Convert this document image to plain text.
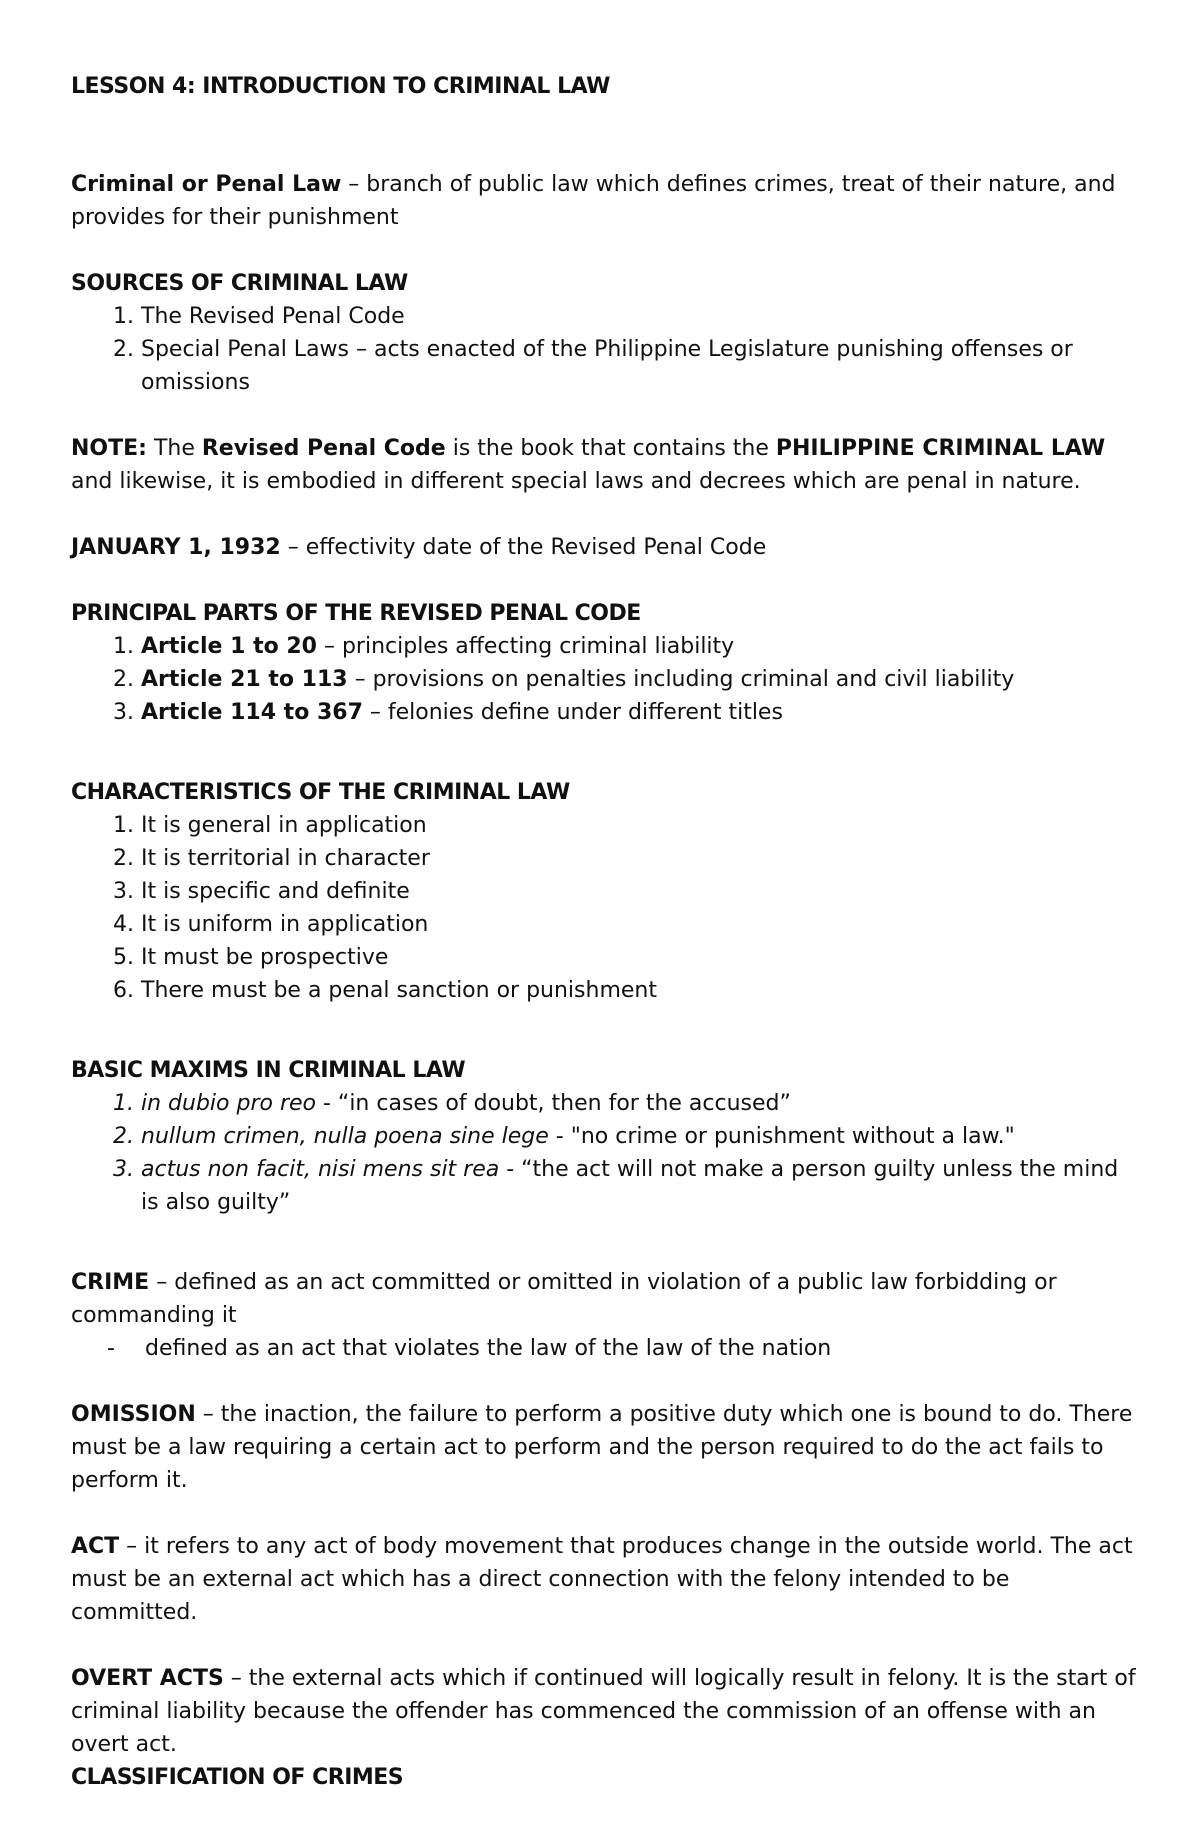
LESSON 4: INTRODUCTION TO CRIMINAL LAW

Criminal or Penal Law – branch of public law which defines crimes, treat of their nature, and provides for their punishment

SOURCES OF CRIMINAL LAW

1. The Revised Penal Code
2. Special Penal Laws – acts enacted of the Philippine Legislature punishing offenses or omissions

NOTE: The Revised Penal Code is the book that contains the PHILIPPINE CRIMINAL LAW and likewise, it is embodied in different special laws and decrees which are penal in nature.

JANUARY 1, 1932 – effectivity date of the Revised Penal Code

PRINCIPAL PARTS OF THE REVISED PENAL CODE

1. Article 1 to 20 – principles affecting criminal liability
2. Article 21 to 113 – provisions on penalties including criminal and civil liability
3. Article 114 to 367 – felonies define under different titles

CHARACTERISTICS OF THE CRIMINAL LAW

1. It is general in application
2. It is territorial in character
3. It is specific and definite
4. It is uniform in application
5. It must be prospective
6. There must be a penal sanction or punishment

BASIC MAXIMS IN CRIMINAL LAW

1. in dubio pro reo - “in cases of doubt, then for the accused”
2. nullum crimen, nulla poena sine lege - "no crime or punishment without a law."
3. actus non facit, nisi mens sit rea - “the act will not make a person guilty unless the mind is also guilty”

CRIME – defined as an act committed or omitted in violation of a public law forbidding or commanding it

- defined as an act that violates the law of the law of the nation

OMISSION – the inaction, the failure to perform a positive duty which one is bound to do. There must be a law requiring a certain act to perform and the person required to do the act fails to perform it.

ACT – it refers to any act of body movement that produces change in the outside world. The act must be an external act which has a direct connection with the felony intended to be committed.

OVERT ACTS – the external acts which if continued will logically result in felony. It is the start of criminal liability because the offender has commenced the commission of an offense with an overt act.

CLASSIFICATION OF CRIMES
